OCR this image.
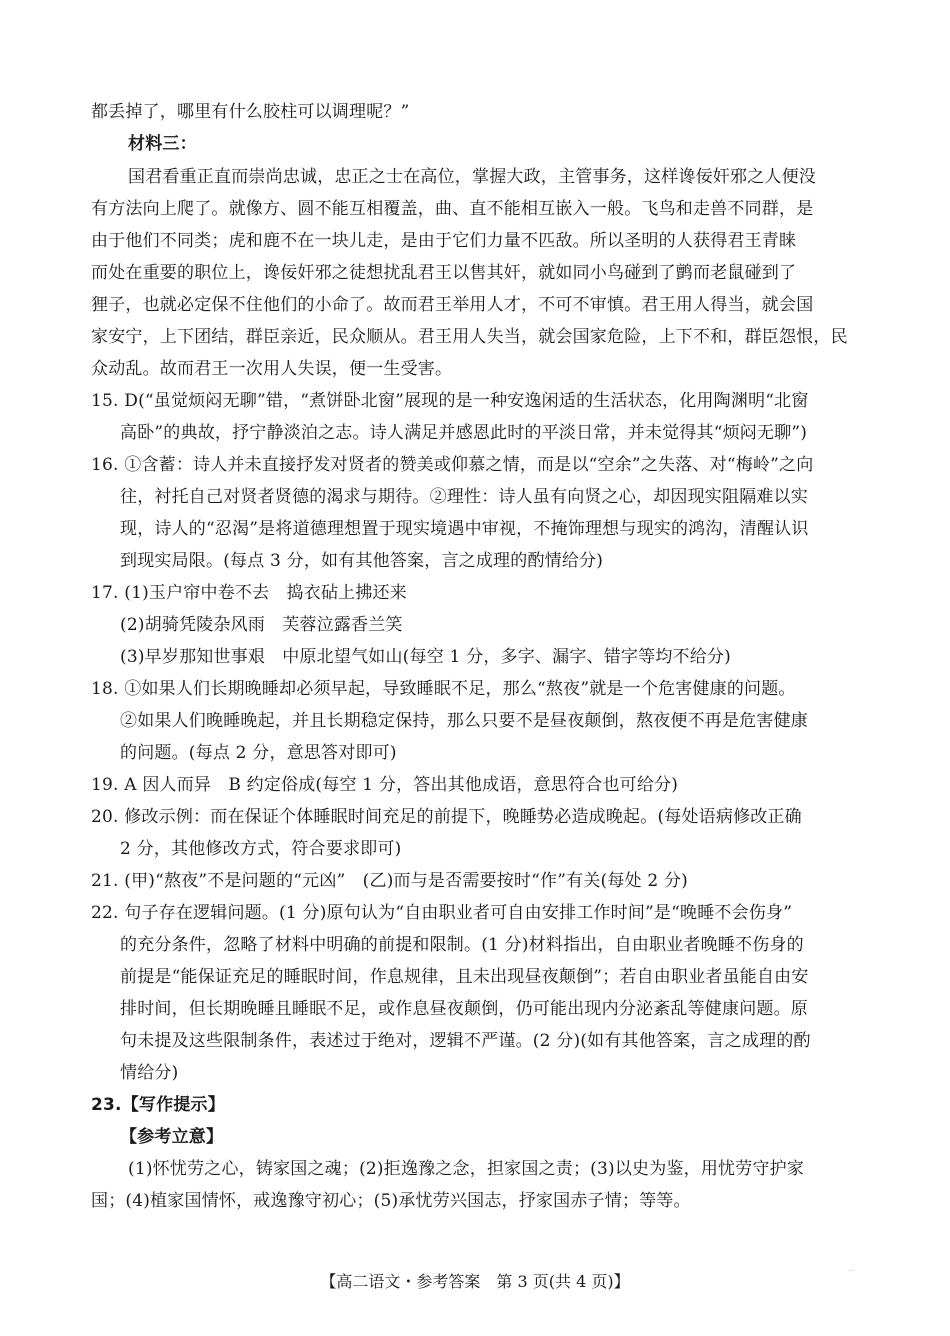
都丢掉了，哪里有什么胶柱可以调理呢？”
材料三：
国君看重正直而崇尚忠诚，忠正之士在高位，掌握大政，主管事务，这样谗佞奸邪之人便没
有方法向上爬了。就像方、圆不能互相覆盖，曲、直不能相互嵌入一般。飞鸟和走兽不同群，是
由于他们不同类；虎和鹿不在一块儿走，是由于它们力量不匹敌。所以圣明的人获得君王青睐
而处在重要的职位上，谗佞奸邪之徒想扰乱君王以售其奸，就如同小鸟碰到了鹯而老鼠碰到了
狸子，也就必定保不住他们的小命了。故而君王举用人才，不可不审慎。君王用人得当，就会国
家安宁，上下团结，群臣亲近，民众顺从。君王用人失当，就会国家危险，上下不和，群臣怨恨，民
众动乱。故而君王一次用人失误，便一生受害。
15. D(“虽觉烦闷无聊”错，“煮饼卧北窗”展现的是一种安逸闲适的生活状态，化用陶渊明“北窗
高卧”的典故，抒宁静淡泊之志。诗人满足并感恩此时的平淡日常，并未觉得其“烦闷无聊”)
16. ①含蓄：诗人并未直接抒发对贤者的赞美或仰慕之情，而是以“空余”之失落、对“梅岭”之向
往，衬托自己对贤者贤德的渴求与期待。②理性：诗人虽有向贤之心，却因现实阻隔难以实
现，诗人的“忍渴”是将道德理想置于现实境遇中审视，不掩饰理想与现实的鸿沟，清醒认识
到现实局限。(每点 3 分，如有其他答案，言之成理的酌情给分)
17. (1)玉户帘中卷不去　捣衣砧上拂还来
(2)胡骑凭陵杂风雨　芙蓉泣露香兰笑
(3)早岁那知世事艰　中原北望气如山(每空 1 分，多字、漏字、错字等均不给分)
18. ①如果人们长期晚睡却必须早起，导致睡眠不足，那么“熬夜”就是一个危害健康的问题。
②如果人们晚睡晚起，并且长期稳定保持，那么只要不是昼夜颠倒，熬夜便不再是危害健康
的问题。(每点 2 分，意思答对即可)
19. A 因人而异　B 约定俗成(每空 1 分，答出其他成语，意思符合也可给分)
20. 修改示例：而在保证个体睡眠时间充足的前提下，晚睡势必造成晚起。(每处语病修改正确
2 分，其他修改方式，符合要求即可)
21. (甲)“熬夜”不是问题的“元凶”　(乙)而与是否需要按时“作”有关(每处 2 分)
22. 句子存在逻辑问题。(1 分)原句认为“自由职业者可自由安排工作时间”是“晚睡不会伤身”
的充分条件，忽略了材料中明确的前提和限制。(1 分)材料指出，自由职业者晚睡不伤身的
前提是“能保证充足的睡眠时间，作息规律，且未出现昼夜颠倒”；若自由职业者虽能自由安
排时间，但长期晚睡且睡眠不足，或作息昼夜颠倒，仍可能出现内分泌紊乱等健康问题。原
句未提及这些限制条件，表述过于绝对，逻辑不严谨。(2 分)(如有其他答案，言之成理的酌
情给分)
23.【写作提示】
【参考立意】
(1)怀忧劳之心，铸家国之魂；(2)拒逸豫之念，担家国之责；(3)以史为鉴，用忧劳守护家
国；(4)植家国情怀，戒逸豫守初心；(5)承忧劳兴国志，抒家国赤子情；等等。
【高二语文・参考答案　第 3 页(共 4 页)】
··
